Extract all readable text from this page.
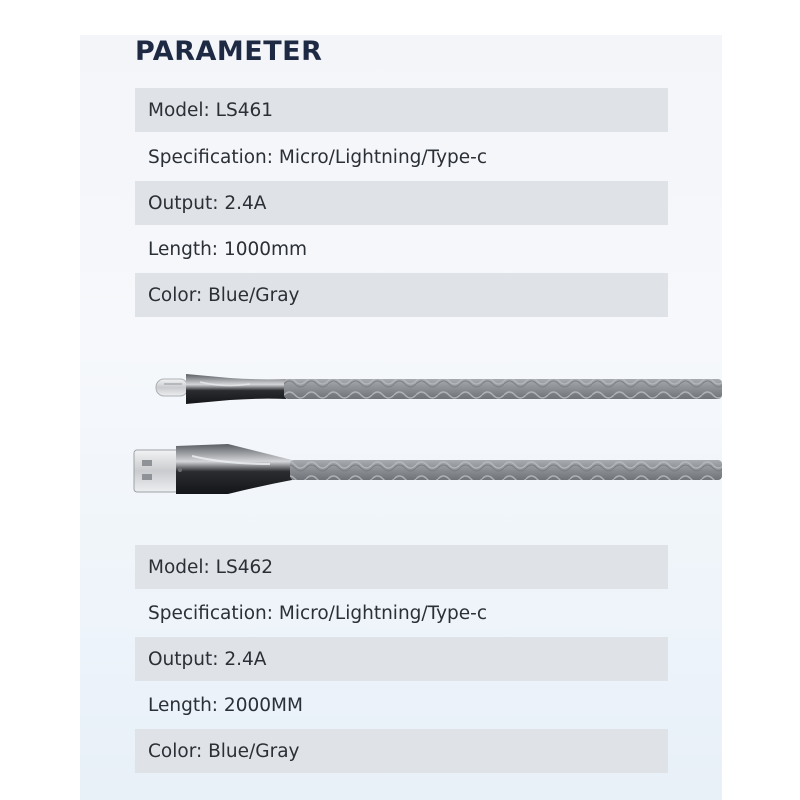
PARAMETER
Model: LS461
Specification: Micro/Lightning/Type-c
Output: 2.4A
Length: 1000mm
Color: Blue/Gray
Model: LS462
Specification: Micro/Lightning/Type-c
Output: 2.4A
Length: 2000MM
Color: Blue/Gray
